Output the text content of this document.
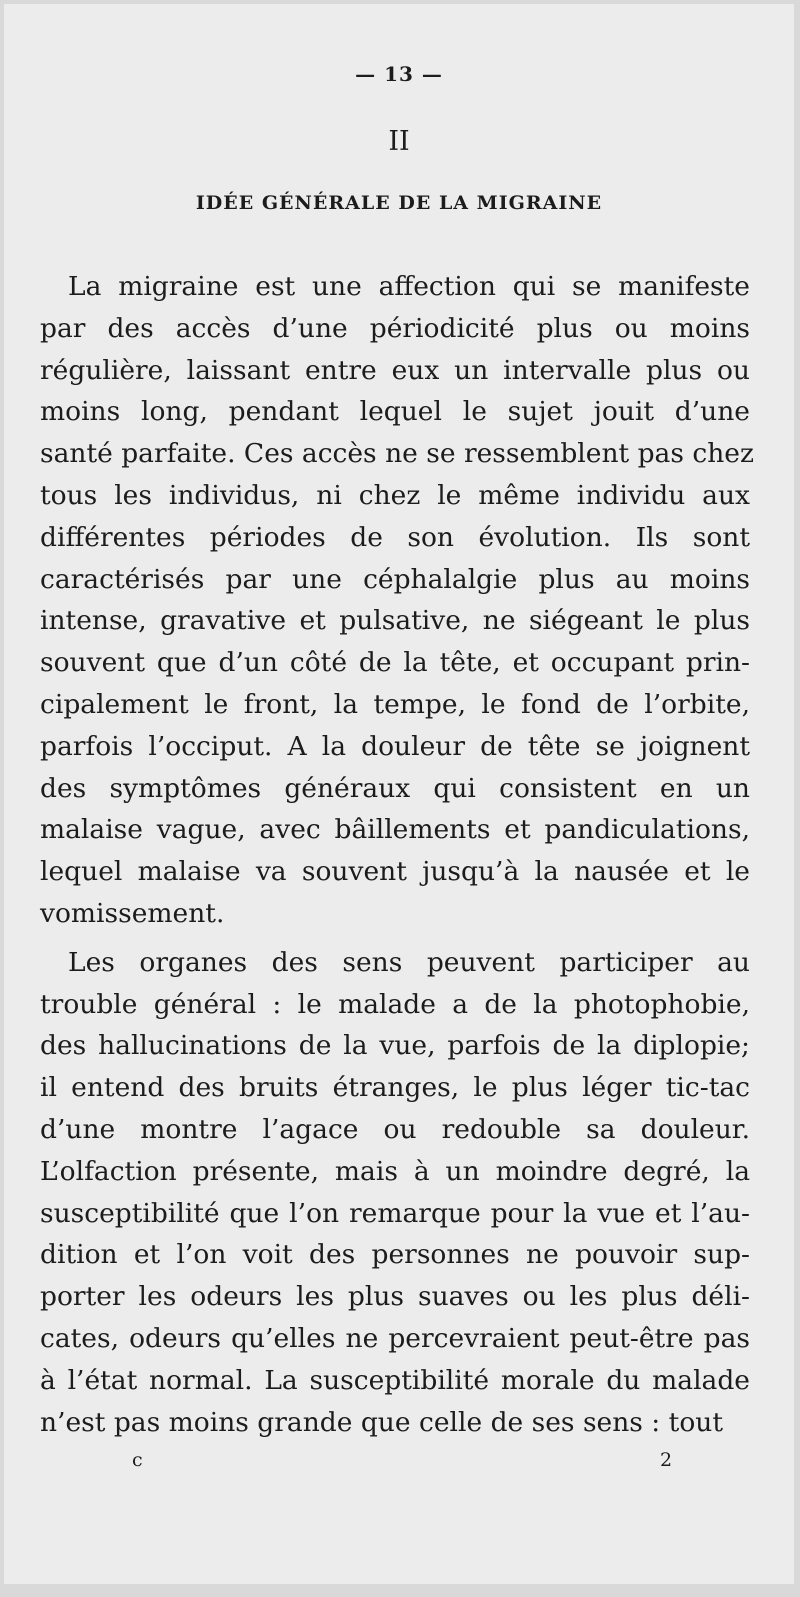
— 13 —
II
IDÉE GÉNÉRALE DE LA MIGRAINE
La migraine est une affection qui se manifeste
par des accès d’une périodicité plus ou moins
régulière, laissant entre eux un intervalle plus ou
moins long, pendant lequel le sujet jouit d’une
santé parfaite. Ces accès ne se ressemblent pas chez
tous les individus, ni chez le même individu aux
différentes périodes de son évolution. Ils sont
caractérisés par une céphalalgie plus au moins
intense, gravative et pulsative, ne siégeant le plus
souvent que d’un côté de la tête, et occupant prin-
cipalement le front, la tempe, le fond de l’orbite,
parfois l’occiput. A la douleur de tête se joignent
des symptômes généraux qui consistent en un
malaise vague, avec bâillements et pandiculations,
lequel malaise va souvent jusqu’à la nausée et le
vomissement.
Les organes des sens peuvent participer au
trouble général : le malade a de la photophobie,
des hallucinations de la vue, parfois de la diplopie;
il entend des bruits étranges, le plus léger tic-tac
d’une montre l’agace ou redouble sa douleur.
L’olfaction présente, mais à un moindre degré, la
susceptibilité que l’on remarque pour la vue et l’au-
dition et l’on voit des personnes ne pouvoir sup-
porter les odeurs les plus suaves ou les plus déli-
cates, odeurs qu’elles ne percevraient peut-être pas
à l’état normal. La susceptibilité morale du malade
n’est pas moins grande que celle de ses sens : tout
c	2
